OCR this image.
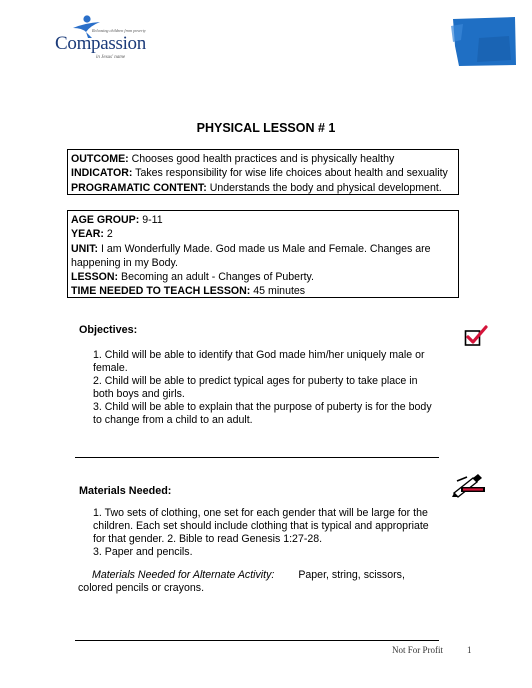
Releasing children from poverty
Compassion
in Jesus' name
PHYSICAL LESSON # 1

OUTCOME: Chooses good health practices and is physically healthy

INDICATOR: Takes responsibility for wise life choices about health and sexuality

PROGRAMATIC CONTENT: Understands the body and physical development.

AGE GROUP: 9-11

YEAR: 2

UNIT: I am Wonderfully Made. God made us Male and Female. Changes are happening in my Body.

LESSON: Becoming an adult - Changes of Puberty.

TIME NEEDED TO TEACH LESSON: 45 minutes

Objectives:

1. Child will be able to identify that God made him/her uniquely male or female.

2. Child will be able to predict typical ages for puberty to take place in both boys and girls.

3. Child will be able to explain that the purpose of puberty is for the body to change from a child to an adult.

Materials Needed:

1. Two sets of clothing, one set for each gender that will be large for the children. Each set should include clothing that is typical and appropriate for that gender. 2. Bible to read Genesis 1:27-28.

3. Paper and pencils.

Materials Needed for Alternate Activity: Paper, string, scissors, colored pencils or crayons.
Not For Profit	1
